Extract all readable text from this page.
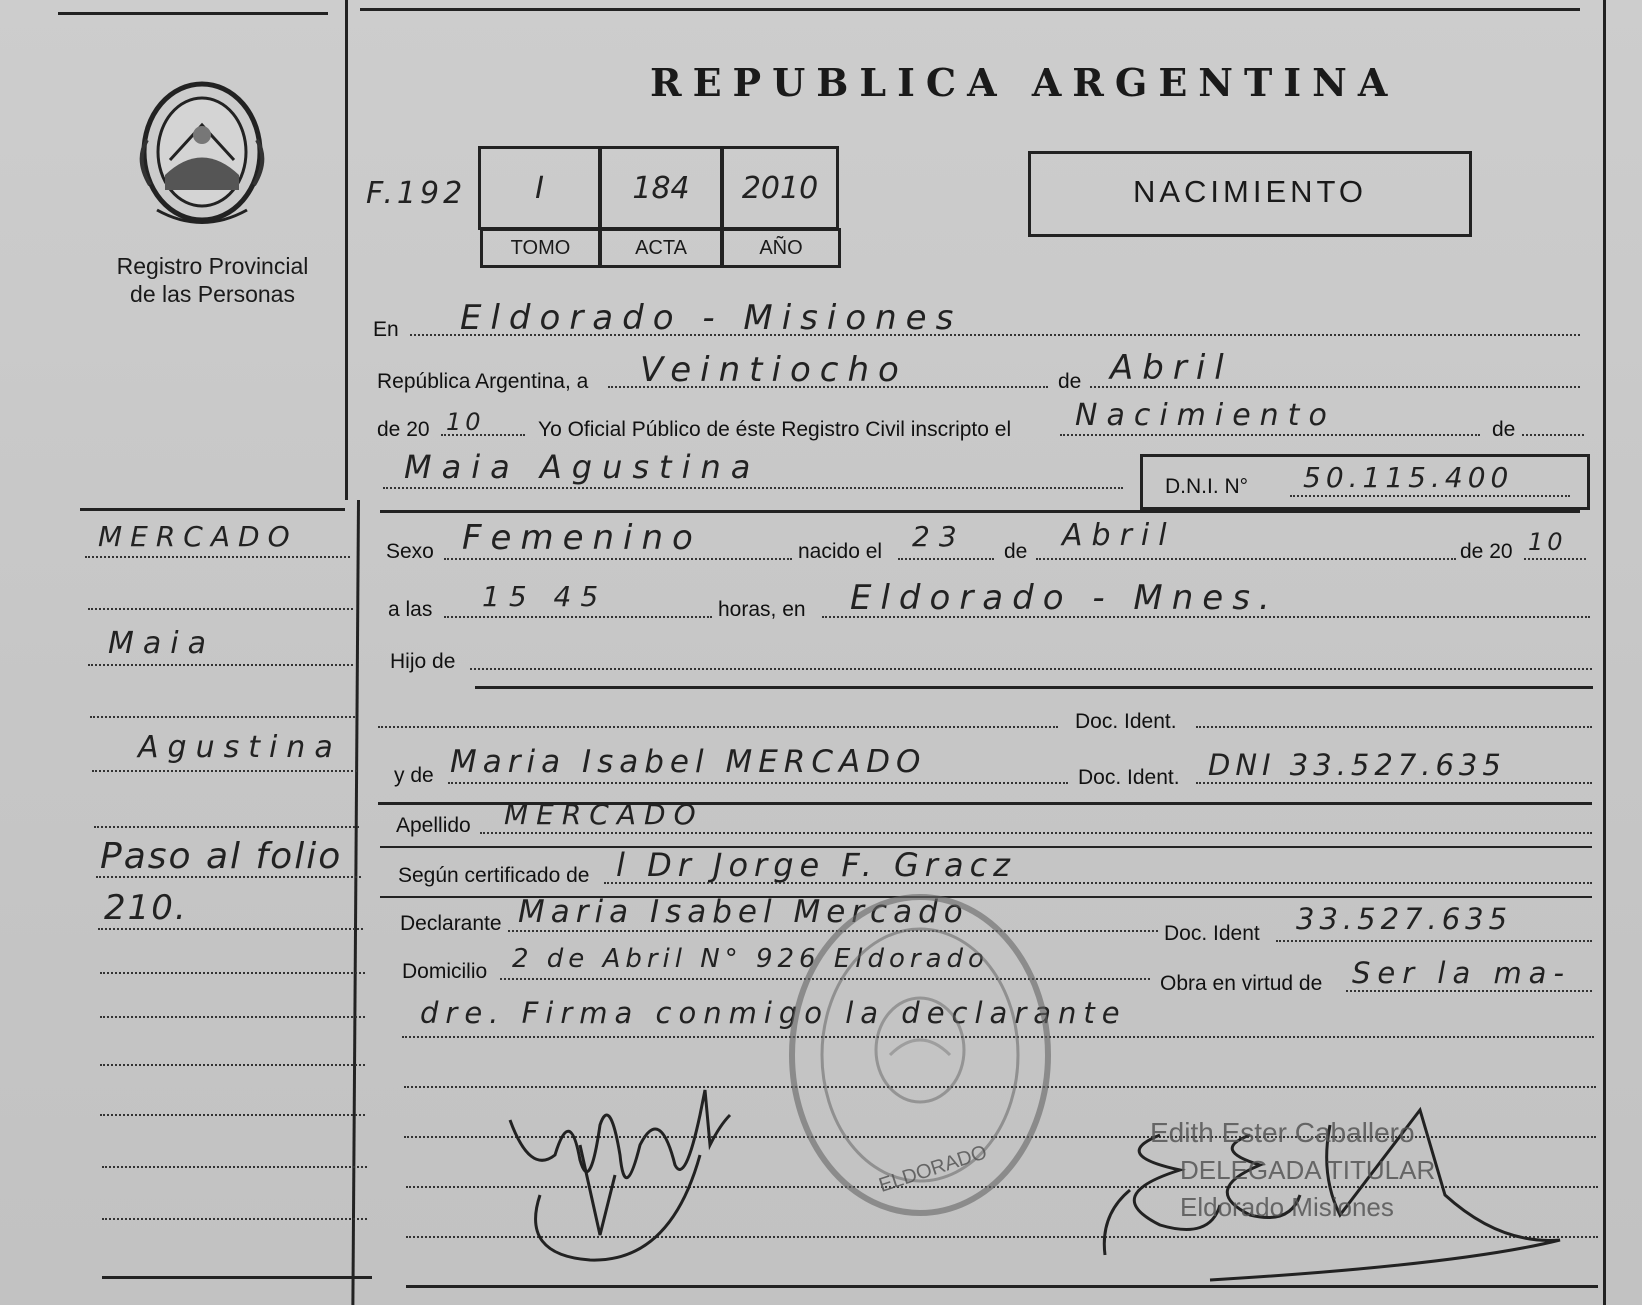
Registro Provincial
de las Personas
MERCADO
Maia
Agustina
Paso al folio
210.
REPUBLICA ARGENTINA
F.192	I	184	2010
TOMO	ACTA	AÑO
NACIMIENTO
En Eldorado - Misiones
República Argentina, a Veintiocho	de Abril
de 20 10	Yo Oficial Público de éste Registro Civil inscripto el Nacimiento	de
Maia Agustina
D.N.I. N° 50.115.400
Sexo Femenino	nacido el 23 de Abril	de 20 10
a las 15 45	horas, en Eldorado - Mnes.
Hijo de
Doc. Ident.
y de Maria Isabel MERCADO	Doc. Ident. DNI 33.527.635
Apellido MERCADO
Según certificado de l Dr Jorge F. Gracz
Declarante Maria Isabel Mercado
Doc. Ident 33.527.635
Domicilio 2 de Abril N° 926 Eldorado
Obra en virtud de Ser la ma-
dre. Firma conmigo la declarante
ELDORADO
Edith Ester Caballero
DELEGADA TITULAR
Eldorado Misiones
